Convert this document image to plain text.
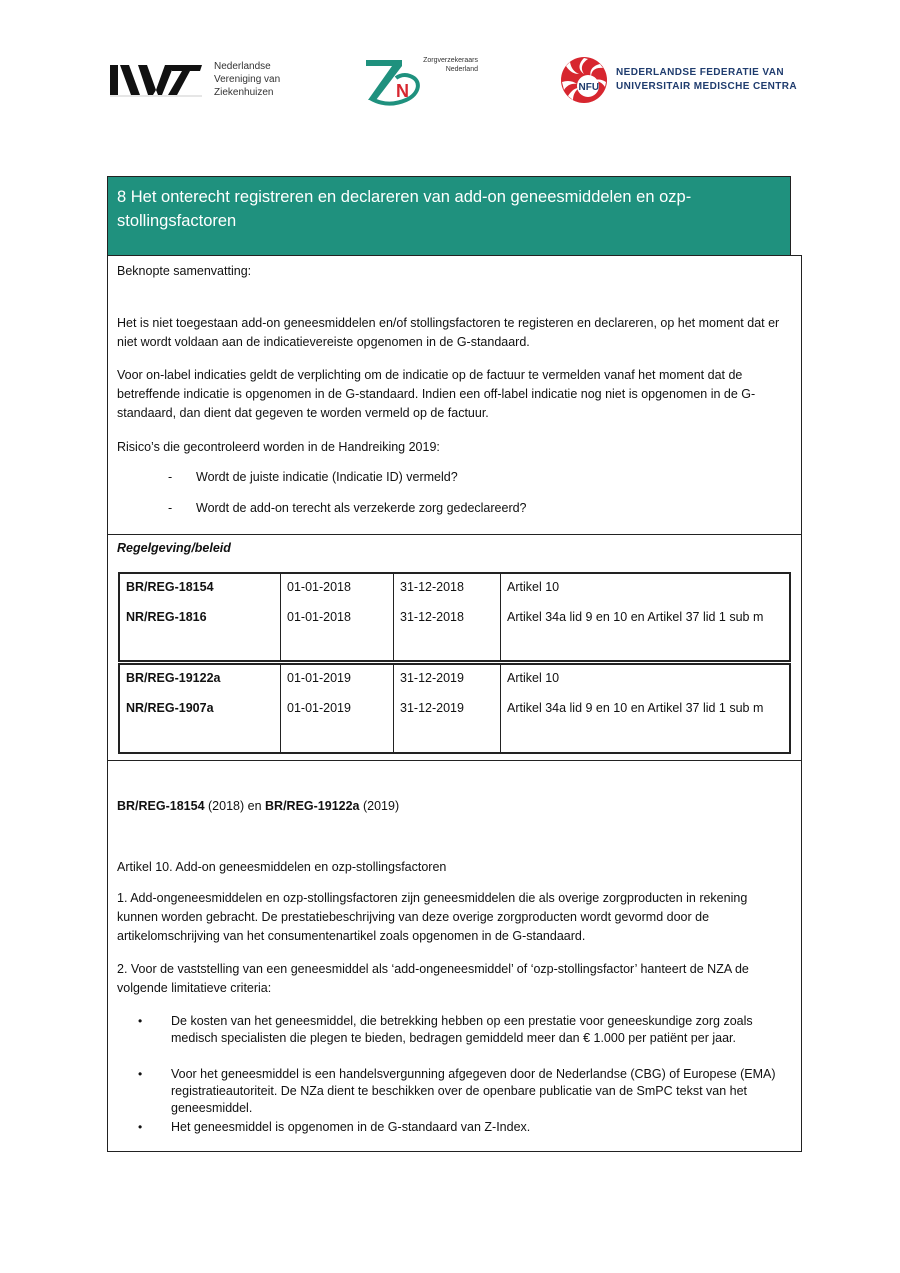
Nederlandse
Vereniging van
Ziekenhuizen	N
Zorgverzekeraars
Nederland
NFU
NEDERLANDSE FEDERATIE VAN
UNIVERSITAIR MEDISCHE CENTRA
8 Het onterecht registreren en declareren van add-on geneesmiddelen en ozp-stollingsfactoren
Beknopte samenvatting:
Het is niet toegestaan add-on geneesmiddelen en/of stollingsfactoren te registeren en declareren, op het moment dat er niet wordt voldaan aan de indicatievereiste opgenomen in de G-standaard.
Voor on-label indicaties geldt de verplichting om de indicatie op de factuur te vermelden vanaf het moment dat de betreffende indicatie is opgenomen in de G-standaard. Indien een off-label indicatie nog niet is opgenomen in de G-standaard, dan dient dat gegeven te worden vermeld op de factuur.
Risico’s die gecontroleerd worden in de Handreiking 2019:
- Wordt de juiste indicatie (Indicatie ID) vermeld?
- Wordt de add-on terecht als verzekerde zorg gedeclareerd?
Regelgeving/beleid
BR/REG-18154
NR/REG-1816
01-01-2018
01-01-2018
31-12-2018
31-12-2018
Artikel 10
Artikel 34a lid 9 en 10 en Artikel 37 lid 1 sub m
BR/REG-19122a
NR/REG-1907a
01-01-2019
01-01-2019
31-12-2019
31-12-2019
Artikel 10
Artikel 34a lid 9 en 10 en Artikel 37 lid 1 sub m
BR/REG-18154 (2018) en BR/REG-19122a (2019)
Artikel 10. Add-on geneesmiddelen en ozp-stollingsfactoren
1. Add-ongeneesmiddelen en ozp-stollingsfactoren zijn geneesmiddelen die als overige zorgproducten in rekening kunnen worden gebracht. De prestatiebeschrijving van deze overige zorgproducten wordt gevormd door de artikelomschrijving van het consumentenartikel zoals opgenomen in de G-standaard.
2. Voor de vaststelling van een geneesmiddel als ‘add-ongeneesmiddel’ of ‘ozp-stollingsfactor’ hanteert de NZA de volgende limitatieve criteria:
• De kosten van het geneesmiddel, die betrekking hebben op een prestatie voor geneeskundige zorg zoals medisch specialisten die plegen te bieden, bedragen gemiddeld meer dan € 1.000 per patiënt per jaar.
• Voor het geneesmiddel is een handelsvergunning afgegeven door de Nederlandse (CBG) of Europese (EMA) registratieautoriteit. De NZa dient te beschikken over de openbare publicatie van de SmPC tekst van het geneesmiddel.
• Het geneesmiddel is opgenomen in de G-standaard van Z-Index.
